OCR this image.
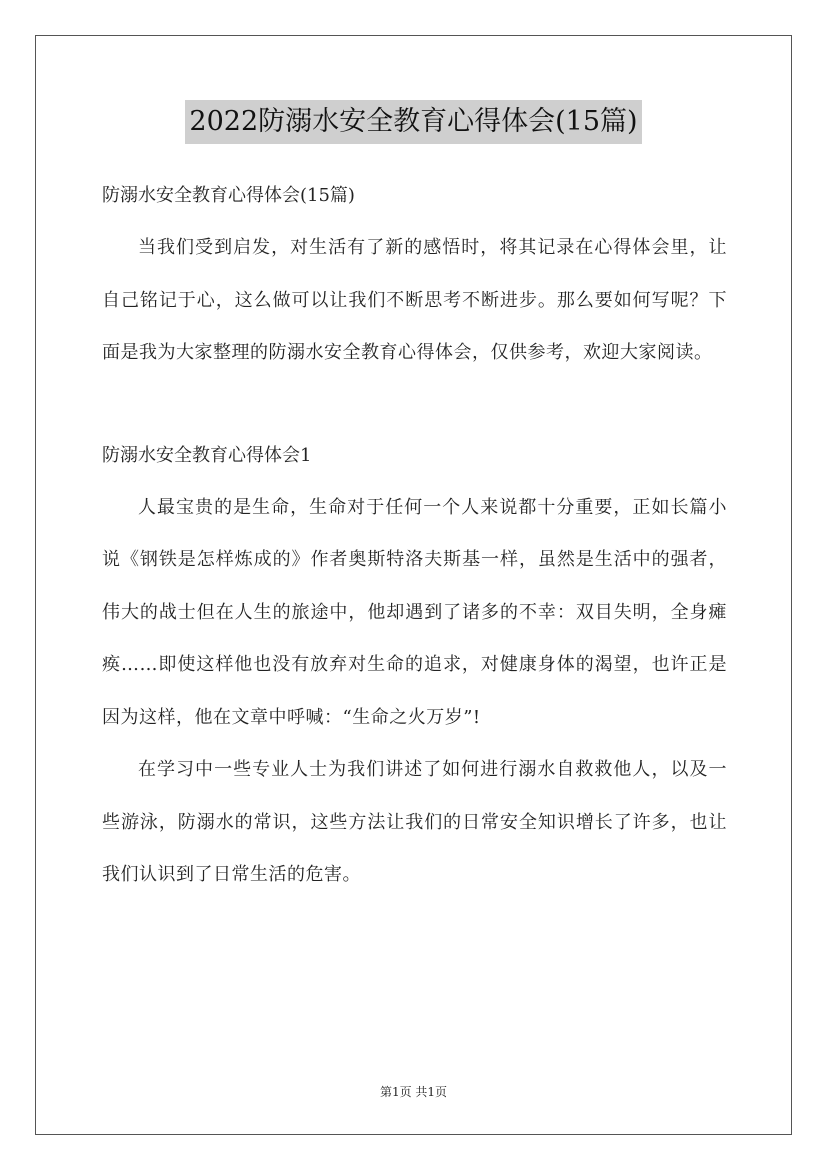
2022防溺水安全教育心得体会(15篇)
防溺水安全教育心得体会(15篇)

当我们受到启发，对生活有了新的感悟时，将其记录在心得体会里，让自己铭记于心，这么做可以让我们不断思考不断进步。那么要如何写呢？下面是我为大家整理的防溺水安全教育心得体会，仅供参考，欢迎大家阅读。

防溺水安全教育心得体会1

人最宝贵的是生命，生命对于任何一个人来说都十分重要，正如长篇小说《钢铁是怎样炼成的》作者奥斯特洛夫斯基一样，虽然是生活中的强者，伟大的战士但在人生的旅途中，他却遇到了诸多的不幸：双目失明，全身瘫痪……即使这样他也没有放弃对生命的追求，对健康身体的渴望，也许正是因为这样，他在文章中呼喊：“生命之火万岁”!

在学习中一些专业人士为我们讲述了如何进行溺水自救救他人，以及一些游泳，防溺水的常识，这些方法让我们的日常安全知识增长了许多，也让我们认识到了日常生活的危害。

第1页 共1页
